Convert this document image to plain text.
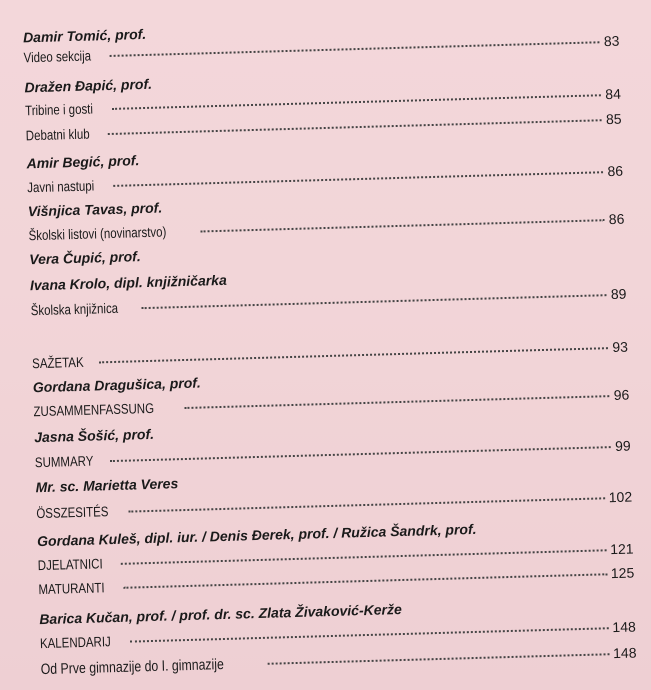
Damir Tomić, prof.
Video sekcija
83
Dražen Đapić, prof.
Tribine i gosti
84
Debatni klub
85
Amir Begić, prof.
Javni nastupi
86
Višnjica Tavas, prof.
Školski listovi (novinarstvo)
86
Vera Čupić, prof.
Ivana Krolo, dipl. knjižničarka
Školska knjižnica
89
SAŽETAK
93
Gordana Dragušica, prof.
ZUSAMMENFASSUNG
96
Jasna Šošić, prof.
SUMMARY
99
Mr. sc. Marietta Veres
ÖSSZESITÉS
102
Gordana Kuleš, dipl. iur. / Denis Đerek, prof. / Ružica Šandrk, prof.
DJELATNICI
121
MATURANTI
125
Barica Kučan, prof. / prof. dr. sc. Zlata Živaković-Kerže
KALENDARIJ
148
Od Prve gimnazije do I. gimnazije
148
